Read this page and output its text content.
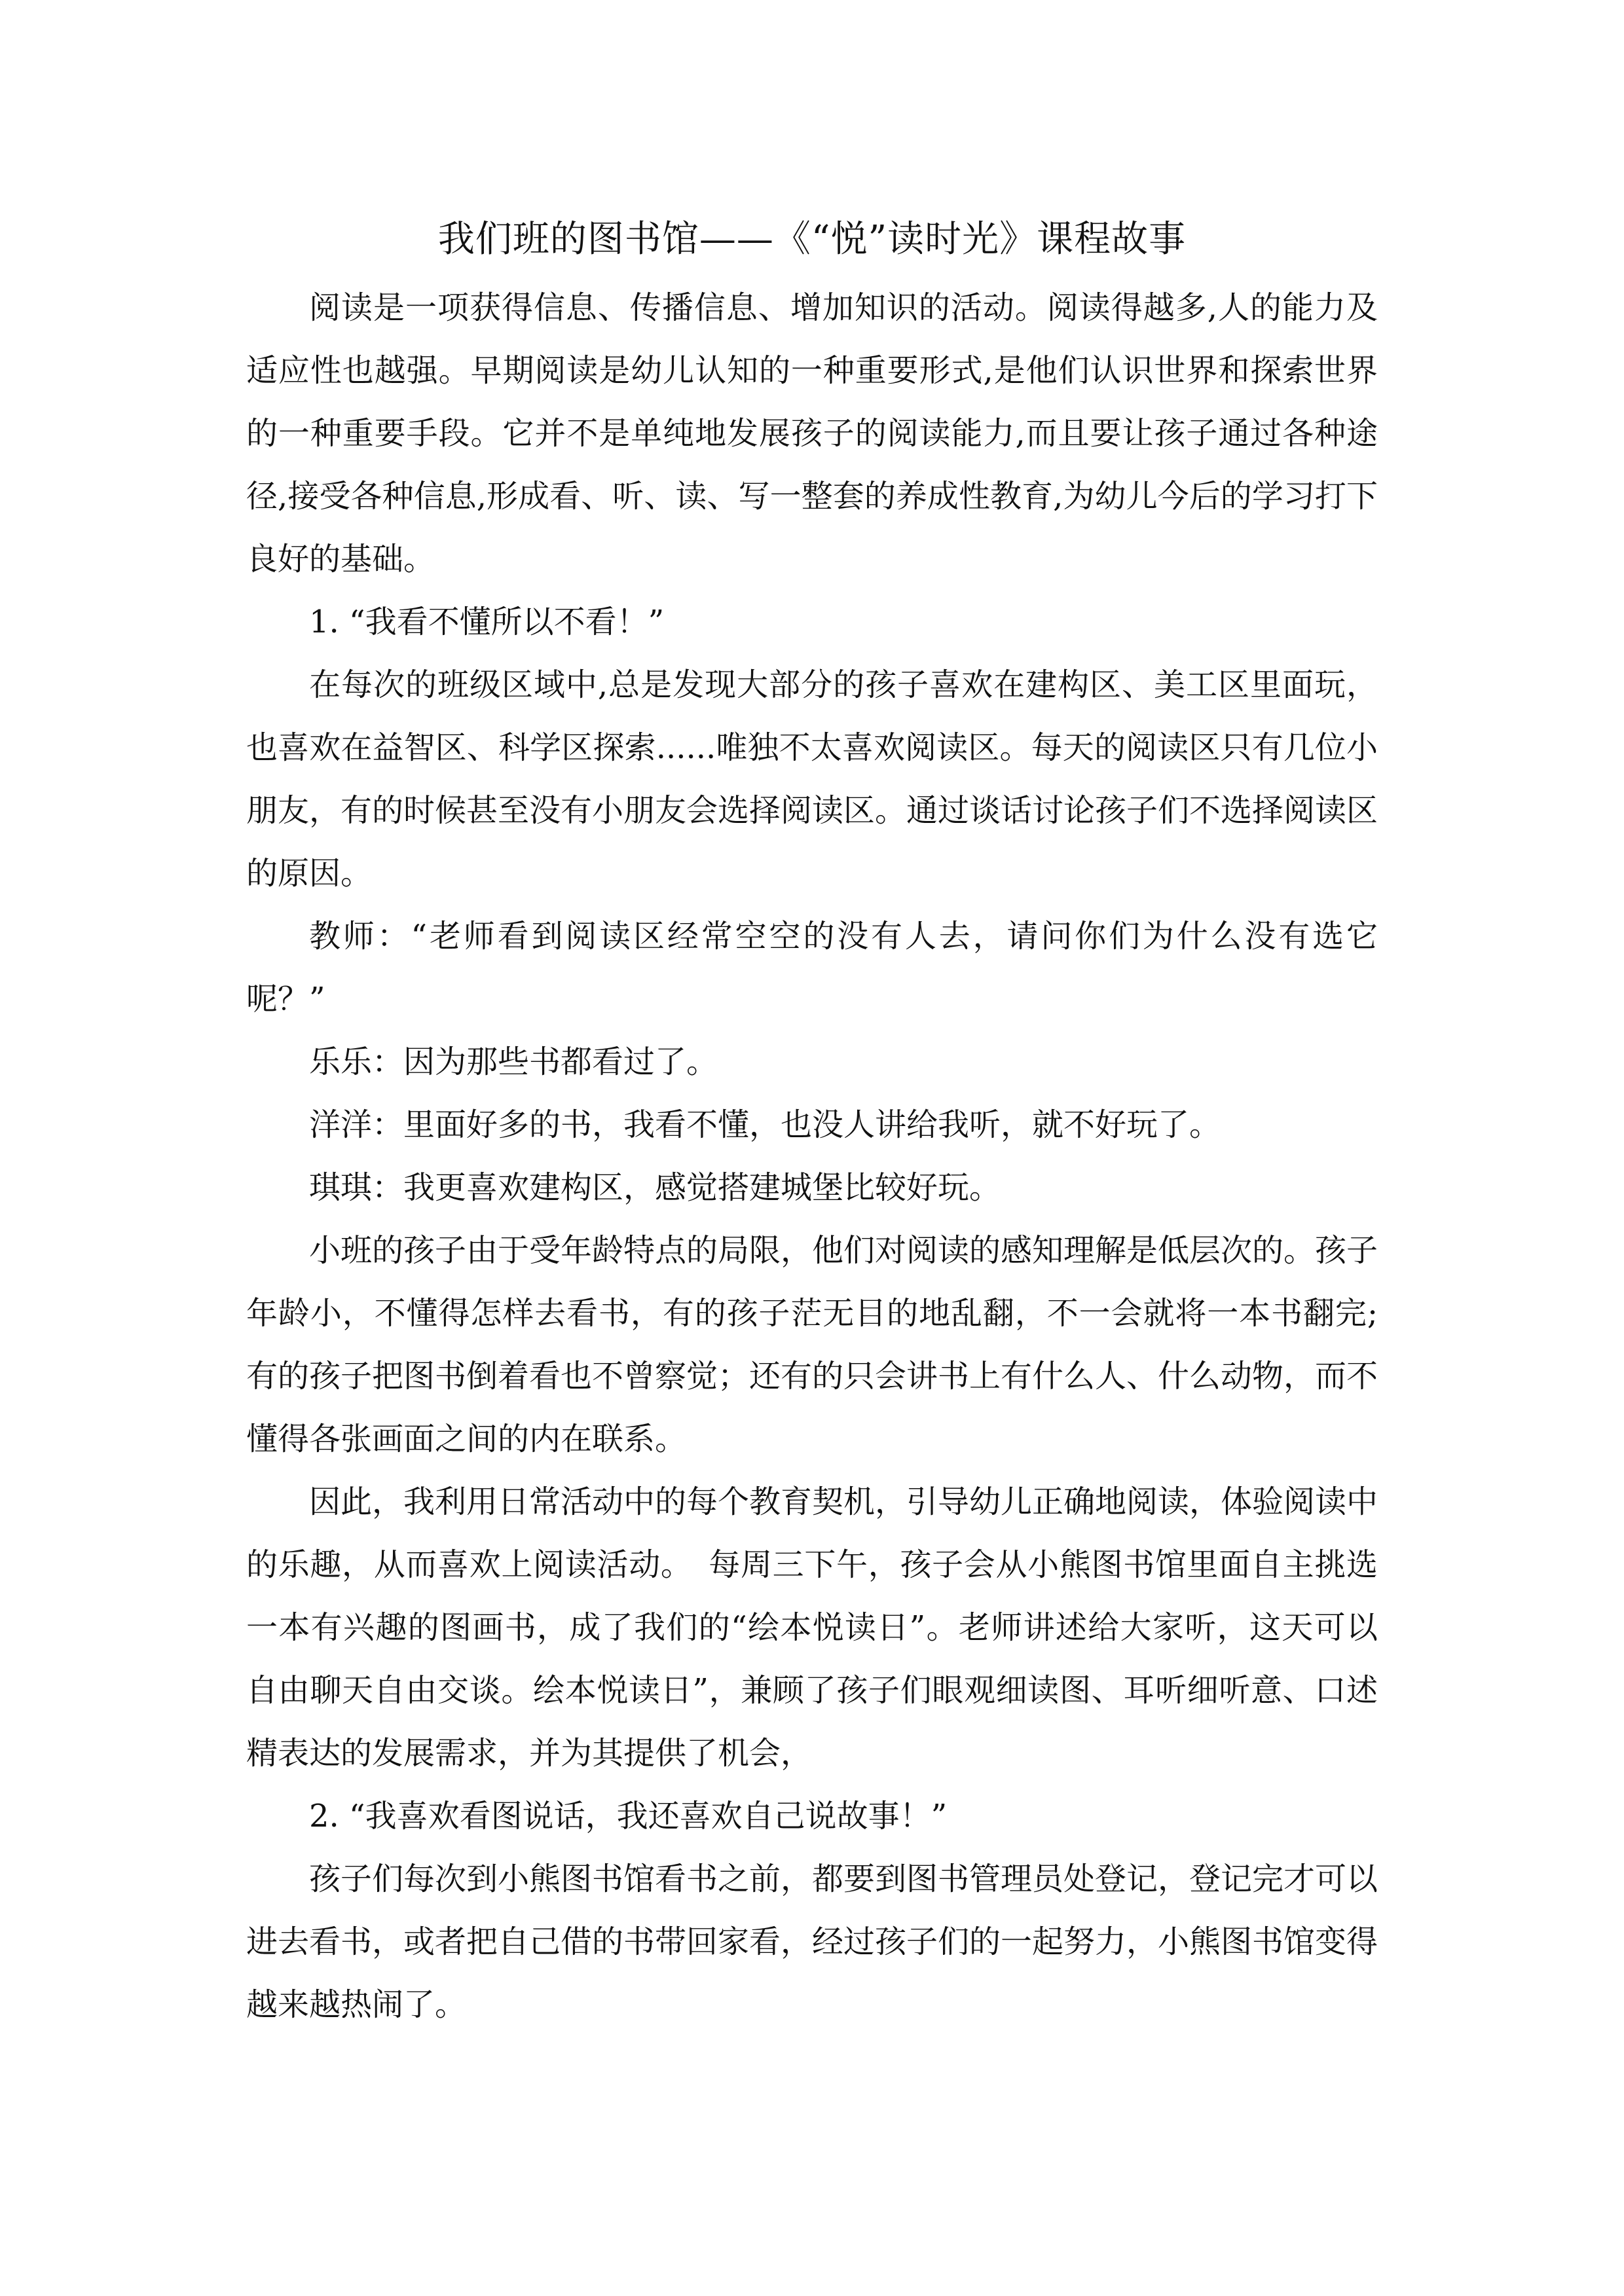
我们班的图书馆——《“悦”读时光》课程故事

阅读是一项获得信息、传播信息、增加知识的活动。阅读得越多,人的能力及适应性也越强。早期阅读是幼儿认知的一种重要形式,是他们认识世界和探索世界的一种重要手段。它并不是单纯地发展孩子的阅读能力,而且要让孩子通过各种途径,接受各种信息,形成看、听、读、写一整套的养成性教育,为幼儿今后的学习打下良好的基础。

1. “我看不懂所以不看！”

在每次的班级区域中,总是发现大部分的孩子喜欢在建构区、美工区里面玩，也喜欢在益智区、科学区探索......唯独不太喜欢阅读区。每天的阅读区只有几位小朋友，有的时候甚至没有小朋友会选择阅读区。通过谈话讨论孩子们不选择阅读区的原因。

教师：“老师看到阅读区经常空空的没有人去，请问你们为什么没有选它呢？”

乐乐：因为那些书都看过了。

洋洋：里面好多的书，我看不懂，也没人讲给我听，就不好玩了。

琪琪：我更喜欢建构区，感觉搭建城堡比较好玩。

小班的孩子由于受年龄特点的局限，他们对阅读的感知理解是低层次的。孩子年龄小，不懂得怎样去看书，有的孩子茫无目的地乱翻，不一会就将一本书翻完;有的孩子把图书倒着看也不曾察觉；还有的只会讲书上有什么人、什么动物，而不懂得各张画面之间的内在联系。

因此，我利用日常活动中的每个教育契机，引导幼儿正确地阅读，体验阅读中的乐趣，从而喜欢上阅读活动。　每周三下午，孩子会从小熊图书馆里面自主挑选一本有兴趣的图画书，成了我们的“绘本悦读日”。老师讲述给大家听，这天可以自由聊天自由交谈。绘本悦读日”，兼顾了孩子们眼观细读图、耳听细听意、口述精表达的发展需求，并为其提供了机会，

2. “我喜欢看图说话，我还喜欢自己说故事！”

孩子们每次到小熊图书馆看书之前，都要到图书管理员处登记，登记完才可以进去看书，或者把自己借的书带回家看，经过孩子们的一起努力，小熊图书馆变得越来越热闹了。
